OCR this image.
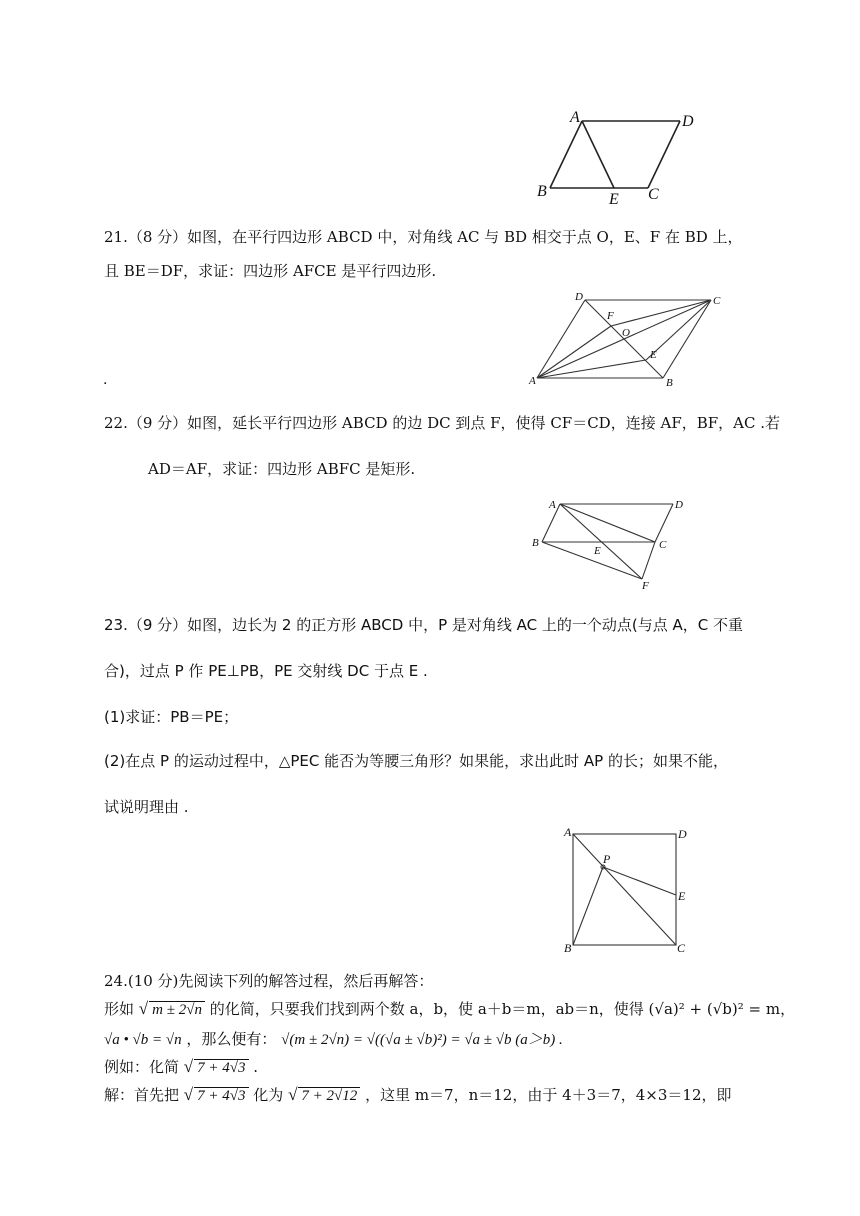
A	D
B	E C
21.（8 分）如图，在平行四边形 ABCD 中，对角线 AC 与 BD 相交于点 O，E、F 在 BD 上，
且 BE＝DF，求证：四边形 AFCE 是平行四边形.
D	C
F
O
E
A	B
.
22.（9 分）如图，延长平行四边形 ABCD 的边 DC 到点 F，使得 CF＝CD，连接 AF，BF，AC .若
AD＝AF，求证：四边形 ABFC 是矩形.
A	D
B
E	C
F
23.（9 分）如图，边长为 2 的正方形 ABCD 中，P 是对角线 AC 上的一个动点(与点 A，C 不重
合)，过点 P 作 PE⊥PB，PE 交射线 DC 于点 E .
(1)求证：PB＝PE；
(2)在点 P 的运动过程中，△PEC 能否为等腰三角形？如果能，求出此时 AP 的长；如果不能，
试说明理由 .
A	D
P
E
B	C
24.(10 分)先阅读下列的解答过程，然后再解答：
形如 √ m ± 2√n 的化简，只要我们找到两个数 a，b，使 a＋b＝m，ab＝n，使得 (√a)² + (√b)² = m，
√a • √b = √n ，那么便有： √(m ± 2√n) = √((√a ± √b)²) = √a ± √b (a＞b) .
例如：化简 √ 7 + 4√3 .
解：首先把 √ 7 + 4√3 化为 √ 7 + 2√12 ，这里 m＝7，n＝12，由于 4＋3＝7，4×3＝12，即
